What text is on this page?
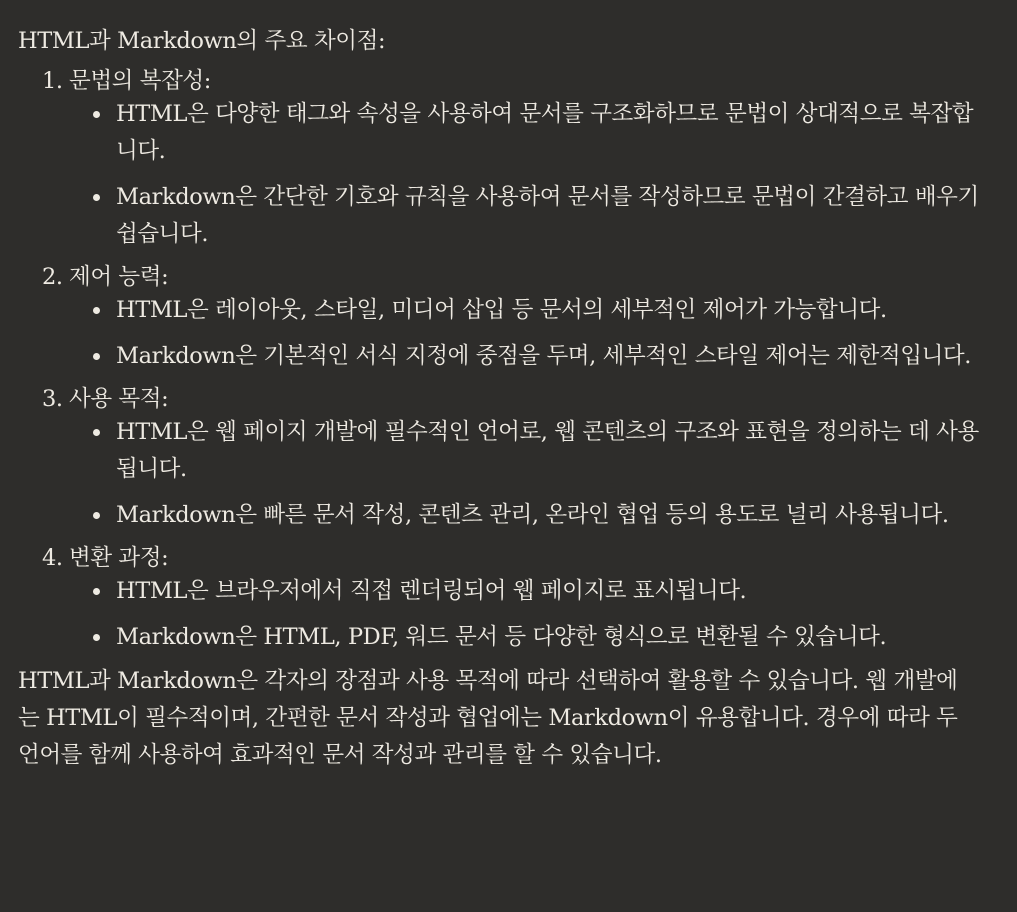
HTML과 Markdown의 주요 차이점:

1. 문법의 복잡성:
HTML은 다양한 태그와 속성을 사용하여 문서를 구조화하므로 문법이 상대적으로 복잡합니다.
Markdown은 간단한 기호와 규칙을 사용하여 문서를 작성하므로 문법이 간결하고 배우기 쉽습니다.
2. 제어 능력:
HTML은 레이아웃, 스타일, 미디어 삽입 등 문서의 세부적인 제어가 가능합니다.
Markdown은 기본적인 서식 지정에 중점을 두며, 세부적인 스타일 제어는 제한적입니다.
3. 사용 목적:
HTML은 웹 페이지 개발에 필수적인 언어로, 웹 콘텐츠의 구조와 표현을 정의하는 데 사용됩니다.
Markdown은 빠른 문서 작성, 콘텐츠 관리, 온라인 협업 등의 용도로 널리 사용됩니다.
4. 변환 과정:
HTML은 브라우저에서 직접 렌더링되어 웹 페이지로 표시됩니다.
Markdown은 HTML, PDF, 워드 문서 등 다양한 형식으로 변환될 수 있습니다.

HTML과 Markdown은 각자의 장점과 사용 목적에 따라 선택하여 활용할 수 있습니다. 웹 개발에는 HTML이 필수적이며, 간편한 문서 작성과 협업에는 Markdown이 유용합니다. 경우에 따라 두 언어를 함께 사용하여 효과적인 문서 작성과 관리를 할 수 있습니다.
